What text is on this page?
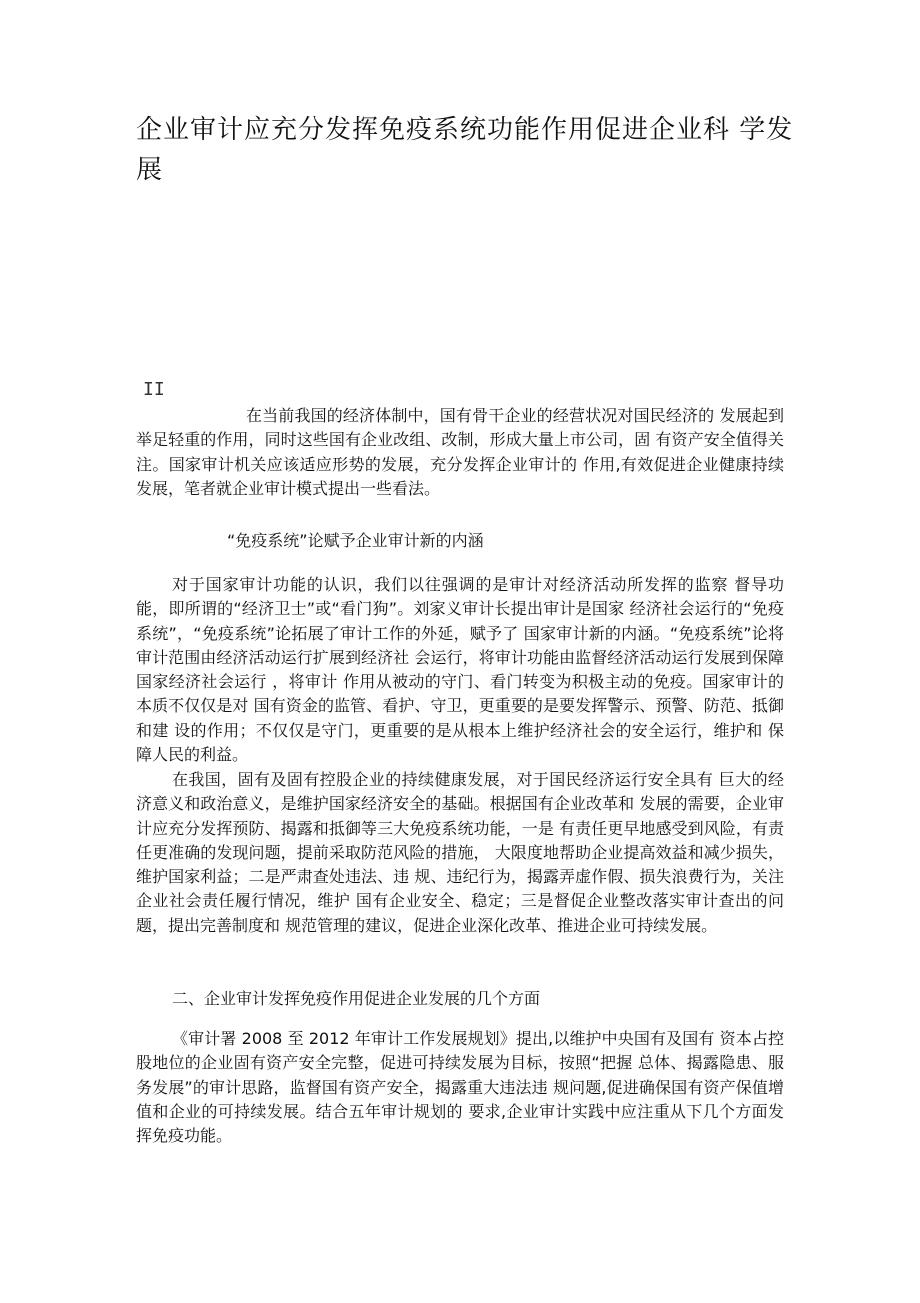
企业审计应充分发挥免疫系统功能作用促进企业科 学发展
II

在当前我国的经济体制中，国有骨干企业的经营状况对国民经济的 发展起到举足轻重的作用，同时这些国有企业改组、改制，形成大量上市公司，固 有资产安全值得关注。国家审计机关应该适应形势的发展，充分发挥企业审计的 作用,有效促进企业健康持续发展，笔者就企业审计模式提出一些看法。

“免疫系统”论赋予企业审计新的内涵

对于国家审计功能的认识，我们以往强调的是审计对经济活动所发挥的监察 督导功能，即所谓的“经济卫士”或“看门狗”。刘家义审计长提出审计是国家 经济社会运行的“免疫系统”，“免疫系统”论拓展了审计工作的外延，赋予了 国家审计新的内涵。“免疫系统”论将审计范围由经济活动运行扩展到经济社 会运行，将审计功能由监督经济活动运行发展到保障国家经济社会运行 ，将审计 作用从被动的守门、看门转变为积极主动的免疫。国家审计的本质不仅仅是对 国有资金的监管、看护、守卫，更重要的是要发挥警示、预警、防范、抵御和建 设的作用；不仅仅是守门，更重要的是从根本上维护经济社会的安全运行，维护和 保障人民的利益。

在我国，固有及固有控股企业的持续健康发展，对于国民经济运行安全具有 巨大的经济意义和政治意义，是维护国家经济安全的基础。根据国有企业改革和 发展的需要，企业审计应充分发挥预防、揭露和抵御等三大免疫系统功能，一是 有责任更早地感受到风险，有责任更准确的发现问题，提前采取防范风险的措施， 大限度地帮助企业提高效益和减少损失，维护国家利益；二是严肃查处违法、违 规、违纪行为，揭露弄虚作假、损失浪费行为，关注企业社会责任履行情况，维护 国有企业安全、稳定；三是督促企业整改落实审计查出的问题，提出完善制度和 规范管理的建议，促进企业深化改革、推进企业可持续发展。

二、企业审计发挥免疫作用促进企业发展的几个方面

《审计署 2008 至 2012 年审计工作发展规划》提出,以维护中央国有及国有 资本占控股地位的企业固有资产安全完整，促进可持续发展为目标，按照“把握 总体、揭露隐患、服务发展”的审计思路，监督国有资产安全，揭露重大违法违 规问题,促进确保国有资产保值增值和企业的可持续发展。结合五年审计规划的 要求,企业审计实践中应注重从下几个方面发挥免疫功能。
